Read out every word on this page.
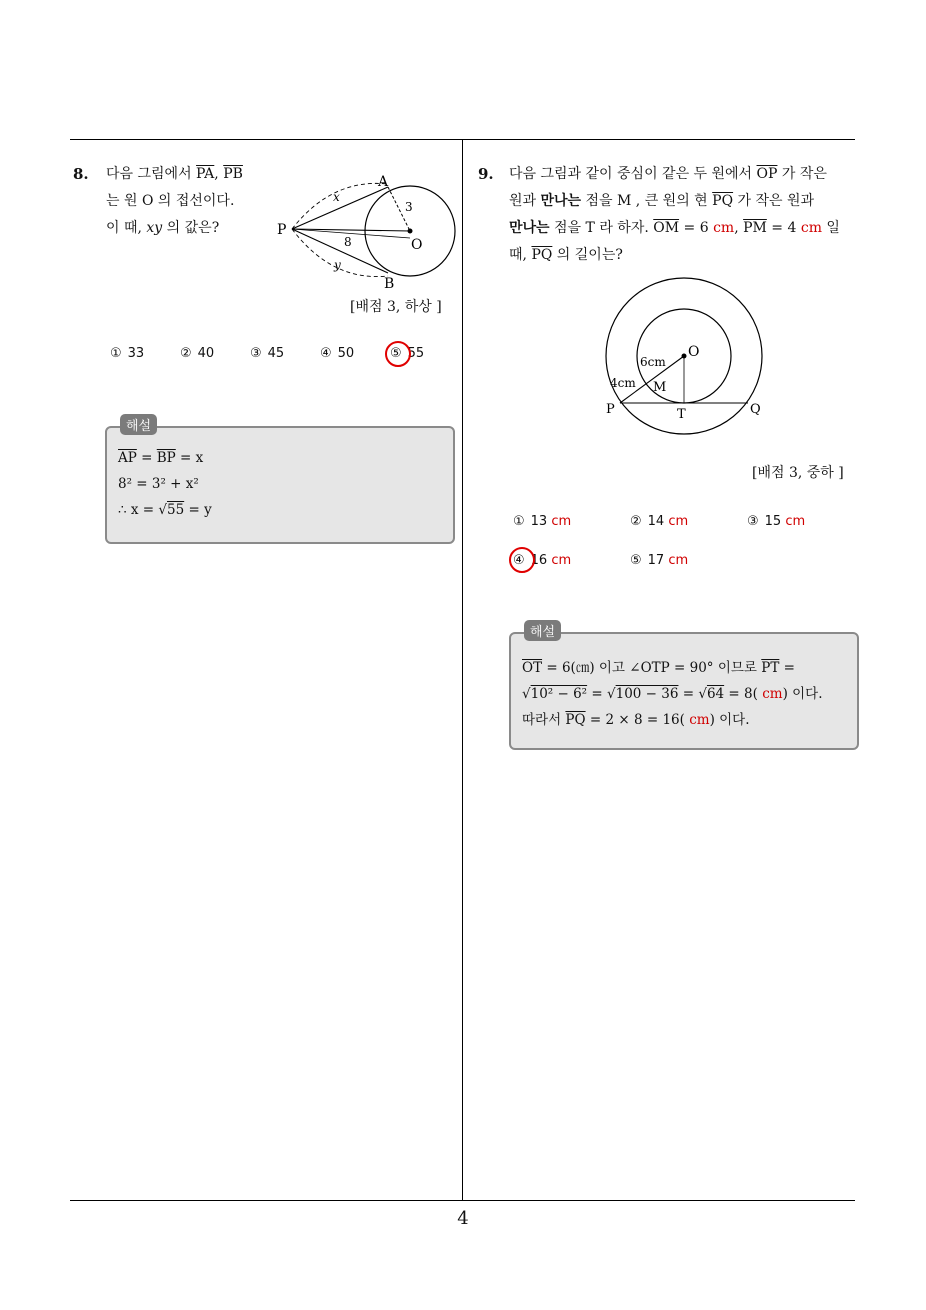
8. 다음 그림에서 $\overline{PA}$, $\overline{PB}$
는 원 O 의 접선이다.
이 때, xy 의 값은?
A
B
P
O
x
y
3
8
[배점 3, 하상 ]
① 33	② 40	③ 45	④ 50	⑤ 55
해설
$\overline{AP} = \overline{BP} = x$
8² = 3² + x²
∴ x = √55 = y
9. 다음 그림과 같이 중심이 같은 두 원에서 $\overline{OP}$ 가 작은
원과 만나는 점을 M , 큰 원의 현 $\overline{PQ}$ 가 작은 원과
만나는 점을 T 라 하자. $\overline{OM} = 6$ cm, $\overline{PM} = 4$ cm 일
때, $\overline{PQ}$ 의 길이는?
O
M
P	T	Q
6cm
4cm
[배점 3, 중하 ]
① 13 cm	② 14 cm	③ 15 cm
④ 16 cm	⑤ 17 cm
해설
$\overline{OT}$ = 6(㎝) 이고 ∠OTP = 90° 이므로 $\overline{PT}$ =
√10² − 6² = √100 − 36 = √64 = 8( cm) 이다.
따라서 $\overline{PQ} = 2 \times 8 = 16$( cm) 이다.
4
